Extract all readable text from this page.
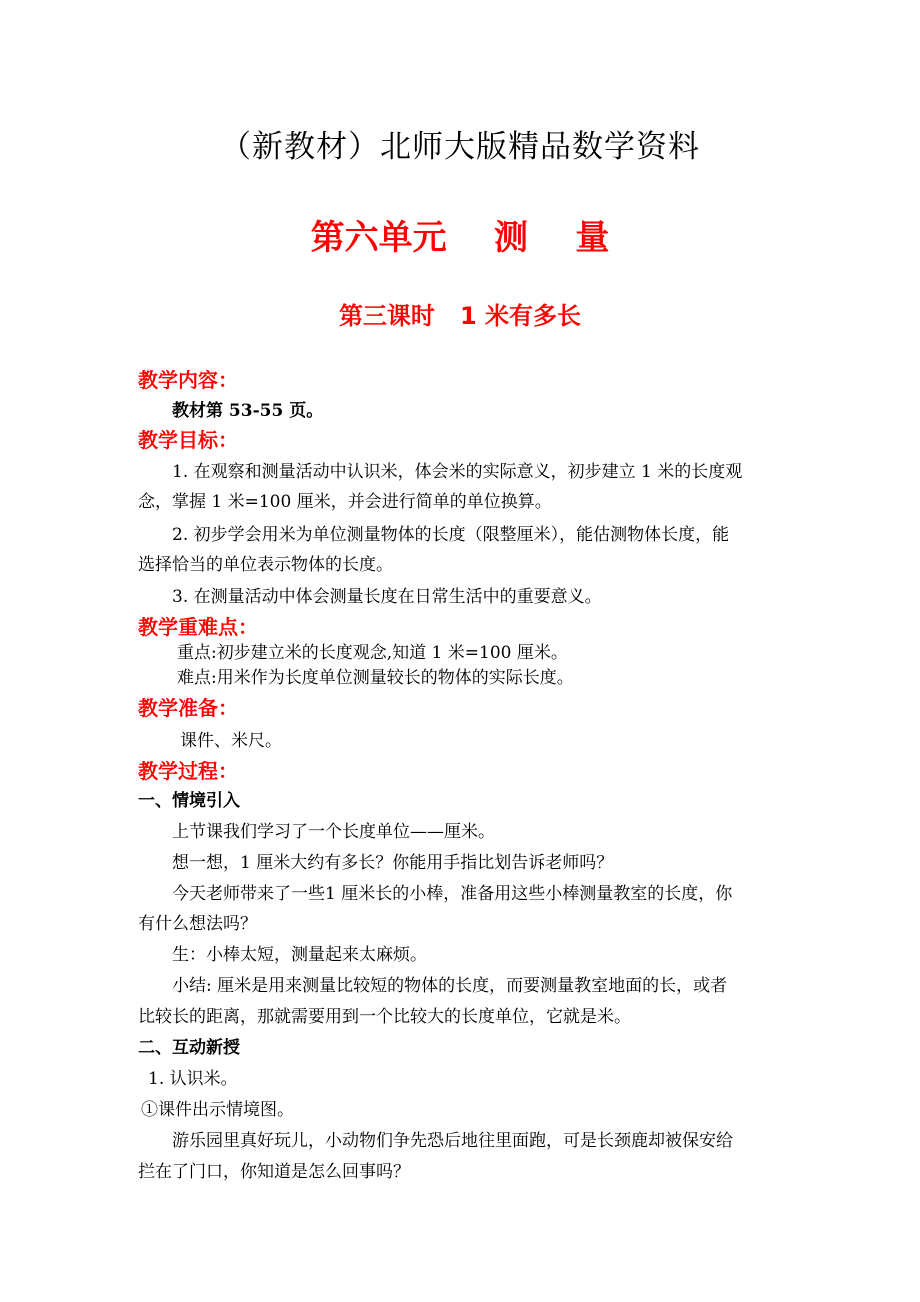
（新教材）北师大版精品数学资料
第六单元    测    量
第三课时   1 米有多长
教学内容：
教材第 53-55 页。
教学目标：
1. 在观察和测量活动中认识米，体会米的实际意义，初步建立 1 米的长度观
念，掌握 1 米=100 厘米，并会进行简单的单位换算。
2. 初步学会用米为单位测量物体的长度（限整厘米），能估测物体长度，能
选择恰当的单位表示物体的长度。
3. 在测量活动中体会测量长度在日常生活中的重要意义。
教学重难点：
重点:初步建立米的长度观念,知道 1 米=100 厘米。
难点:用米作为长度单位测量较长的物体的实际长度。
教学准备：
课件、米尺。
教学过程：
一、情境引入
上节课我们学习了一个长度单位——厘米。
想一想，1 厘米大约有多长？你能用手指比划告诉老师吗？
今天老师带来了一些1 厘米长的小棒，准备用这些小棒测量教室的长度，你
有什么想法吗？
生：小棒太短，测量起来太麻烦。
小结: 厘米是用来测量比较短的物体的长度，而要测量教室地面的长，或者
比较长的距离，那就需要用到一个比较大的长度单位，它就是米。
二、互动新授
1. 认识米。
①课件出示情境图。
游乐园里真好玩儿，小动物们争先恐后地往里面跑，可是长颈鹿却被保安给
拦在了门口，你知道是怎么回事吗？
